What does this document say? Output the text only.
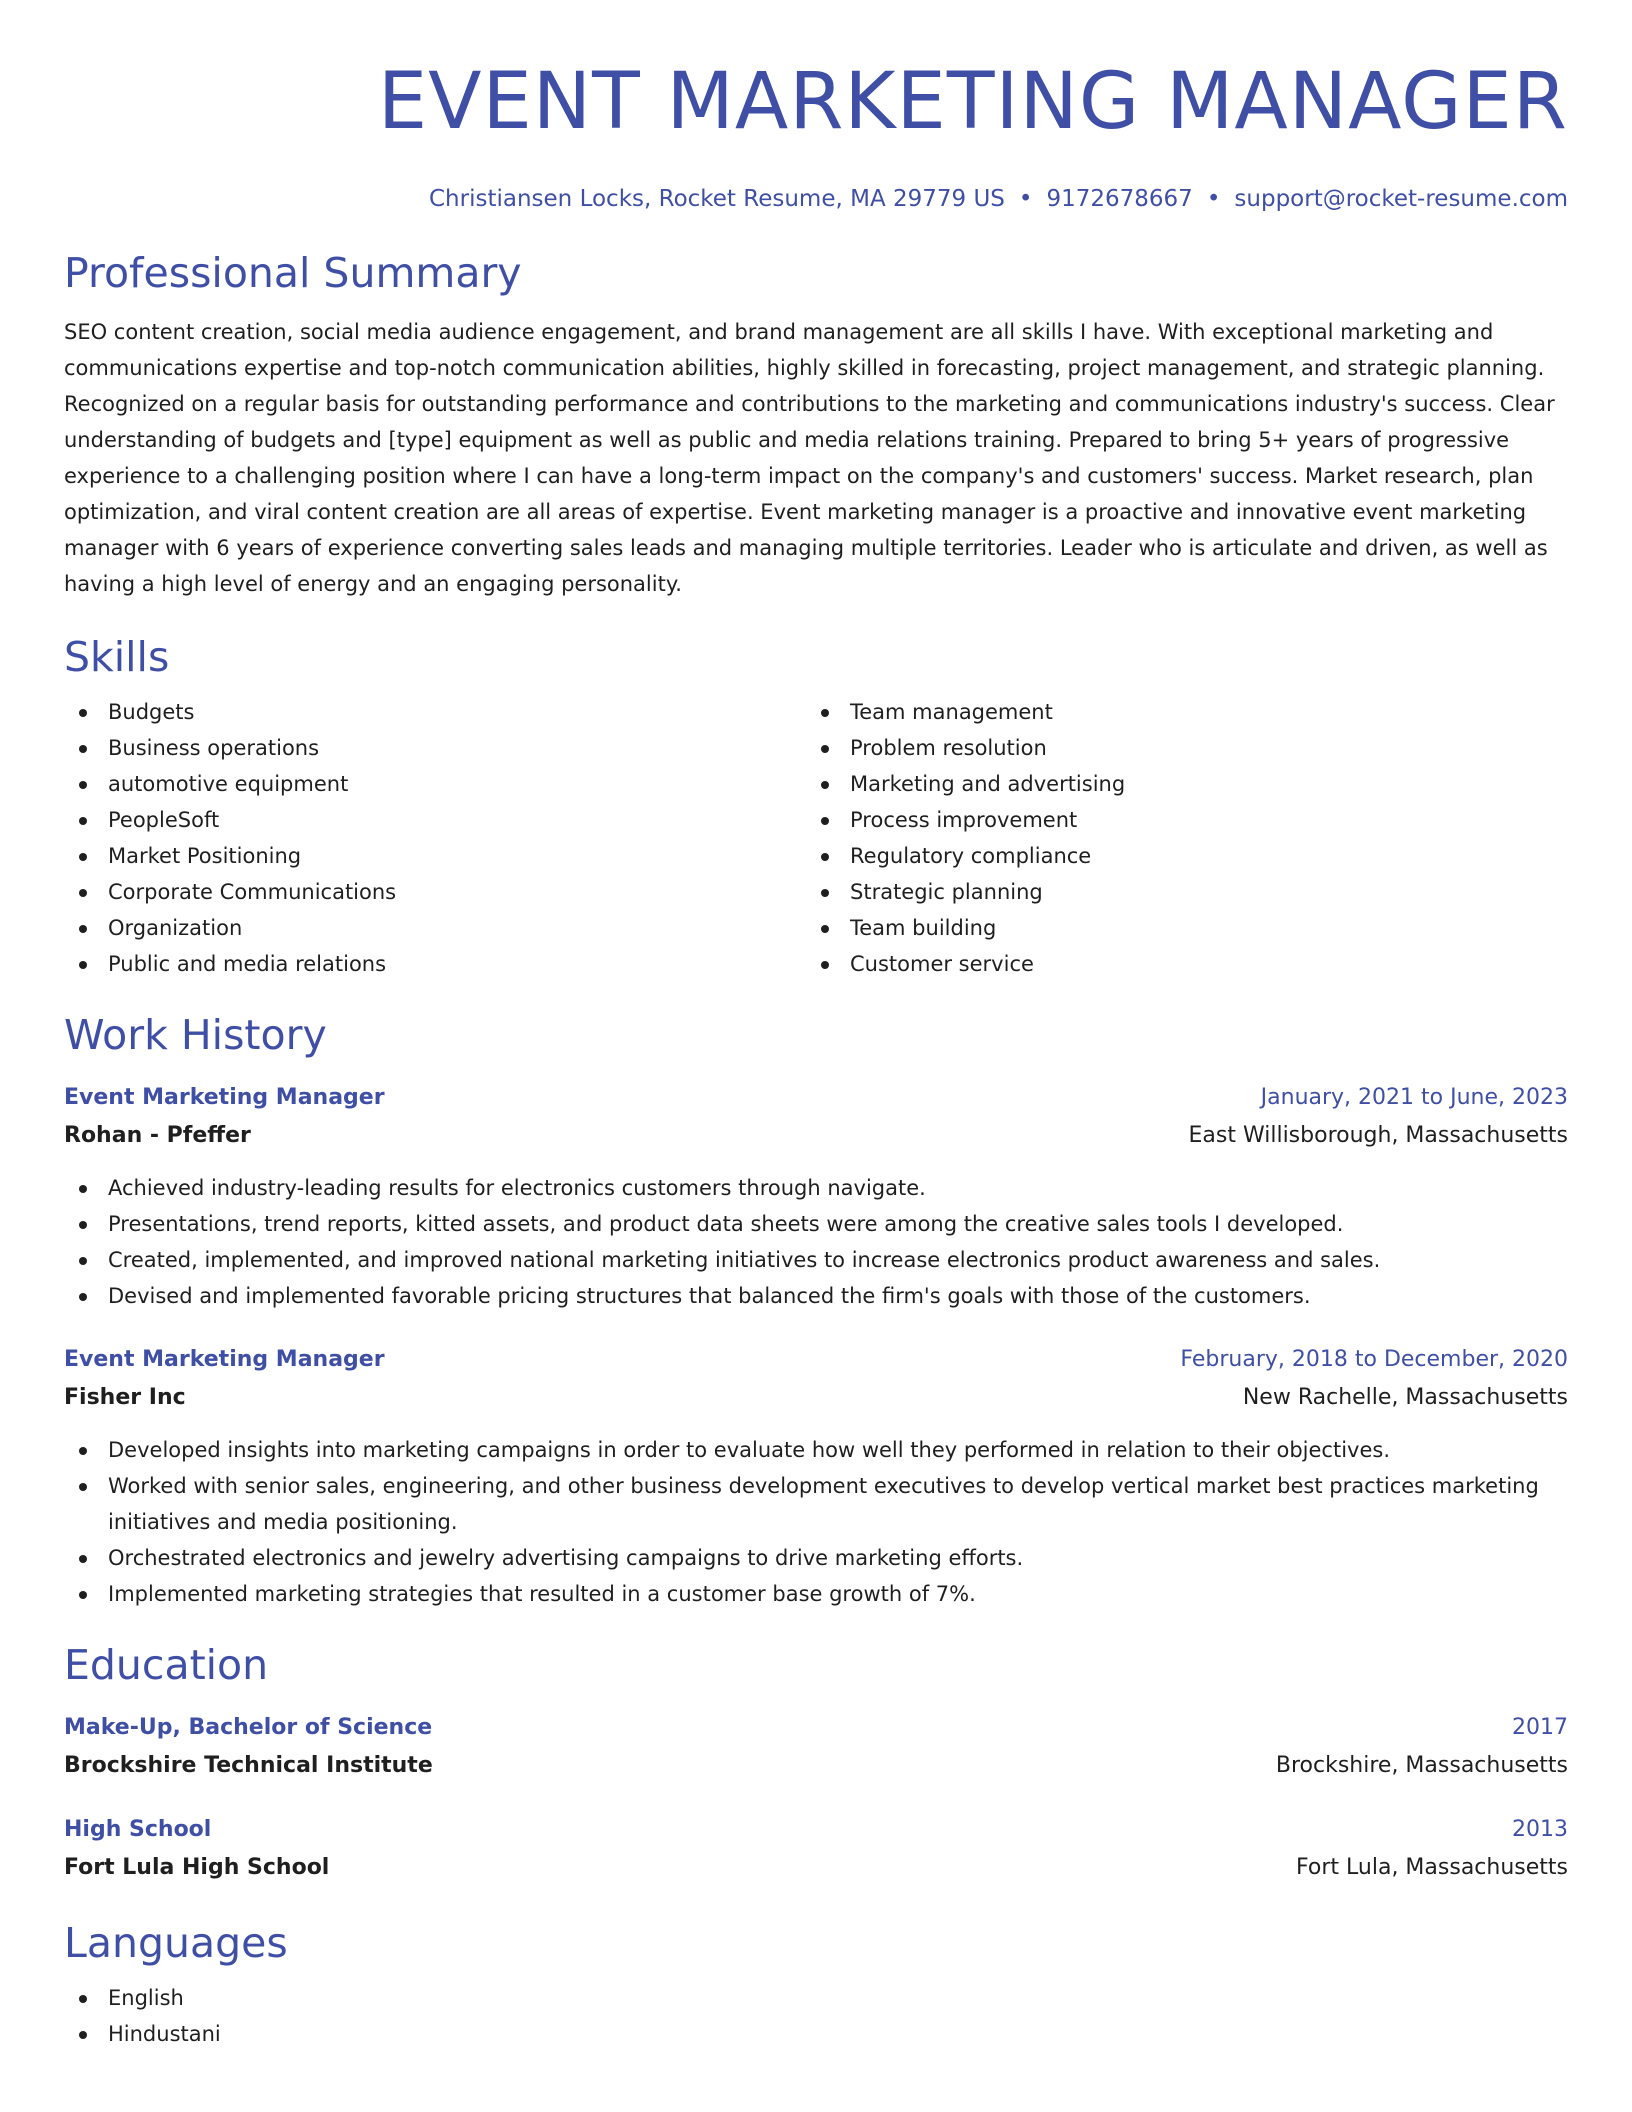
EVENT MARKETING MANAGER
Christiansen Locks, Rocket Resume, MA 29779 US • 9172678667 • support@rocket-resume.com
Professional Summary

SEO content creation, social media audience engagement, and brand management are all skills I have. With exceptional marketing and communications expertise and top-notch communication abilities, highly skilled in forecasting, project management, and strategic planning. Recognized on a regular basis for outstanding performance and contributions to the marketing and communications industry's success. Clear understanding of budgets and [type] equipment as well as public and media relations training. Prepared to bring 5+ years of progressive experience to a challenging position where I can have a long-term impact on the company's and customers' success. Market research, plan optimization, and viral content creation are all areas of expertise. Event marketing manager is a proactive and innovative event marketing manager with 6 years of experience converting sales leads and managing multiple territories. Leader who is articulate and driven, as well as having a high level of energy and an engaging personality.

Skills
Budgets
Business operations
automotive equipment
PeopleSoft
Market Positioning
Corporate Communications
Organization
Public and media relations
Team management
Problem resolution
Marketing and advertising
Process improvement
Regulatory compliance
Strategic planning
Team building
Customer service
Work History
Event Marketing Manager	January, 2021 to June, 2023
Rohan - Pfeffer	East Willisborough, Massachusetts
Achieved industry-leading results for electronics customers through navigate.
Presentations, trend reports, kitted assets, and product data sheets were among the creative sales tools I developed.
Created, implemented, and improved national marketing initiatives to increase electronics product awareness and sales.
Devised and implemented favorable pricing structures that balanced the firm's goals with those of the customers.
Event Marketing Manager	February, 2018 to December, 2020
Fisher Inc	New Rachelle, Massachusetts
Developed insights into marketing campaigns in order to evaluate how well they performed in relation to their objectives.
Worked with senior sales, engineering, and other business development executives to develop vertical market best practices marketing initiatives and media positioning.
Orchestrated electronics and jewelry advertising campaigns to drive marketing efforts.
Implemented marketing strategies that resulted in a customer base growth of 7%.
Education
Make-Up, Bachelor of Science	2017
Brockshire Technical Institute	Brockshire, Massachusetts
High School	2013
Fort Lula High School	Fort Lula, Massachusetts
Languages
English
Hindustani
